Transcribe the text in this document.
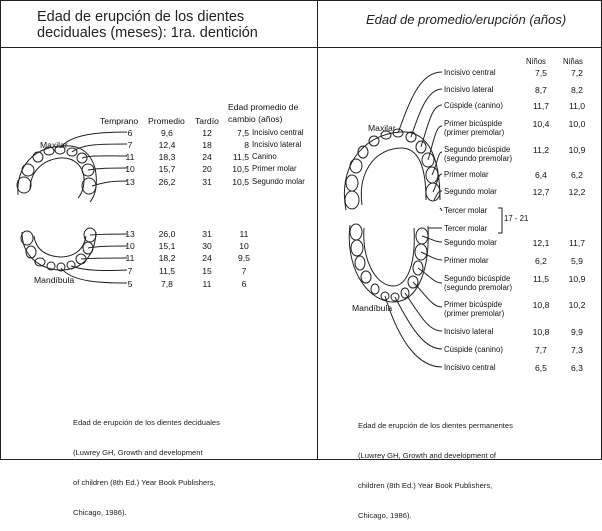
Edad de erupción de los dientes
deciduales (meses): 1ra. dentición
Edad de promedio/erupción (años)
Temprano Promedio Tardío
Edad promedio de
cambio (años)
Maxilar
Mandíbula
6	9,6	12	7,5 Incisivo central
7	12,4	18	8 Incisivo lateral
11	18,3	24	11,5 Canino
10	15,7	20	10,5 Primer molar
13	26,2	31	10,5 Segundo molar
13	26,0	31	11
10	15,1	30	10
11	18,2	24	9,5
7	11,5	15	7
5	7,8	11	6
Niños Niñas
Maxilar
Mandíbula
17 - 21
Incisivo central	7,5	7,2
Incisivo lateral	8,7	8,2
Cúspide (canino)	11,7	11,0
Primer bicúspide
(primer premolar)
10,4	10,0
Segundo bicúspide
(segundo premolar)
11,2	10,9
Primer molar	6,4	6,2
Segundo molar	12,7	12,2
Tercer molar
Tercer molar
Segundo molar	12,1	11,7
Primer molar	6,2	5,9
Segundo bicúspide
(segundo premolar)
11,5	10,9
Primer bicúspide
(primer premolar)
10,8	10,2
Incisivo lateral	10,8	9,9
Cúspide (canino)	7,7	7,3
Incisivo central	6,5	6,3

Edad de erupción de los dientes deciduales

(Luwrey GH, Growth and development

of children (8th Ed.) Year Book Publishers,

Chicago, 1986).

Edad de erupción de los dientes permanentes

(Luwrey GH, Growth and development of

children (8th Ed.) Year Book Publishers,

Chicago, 1986).
